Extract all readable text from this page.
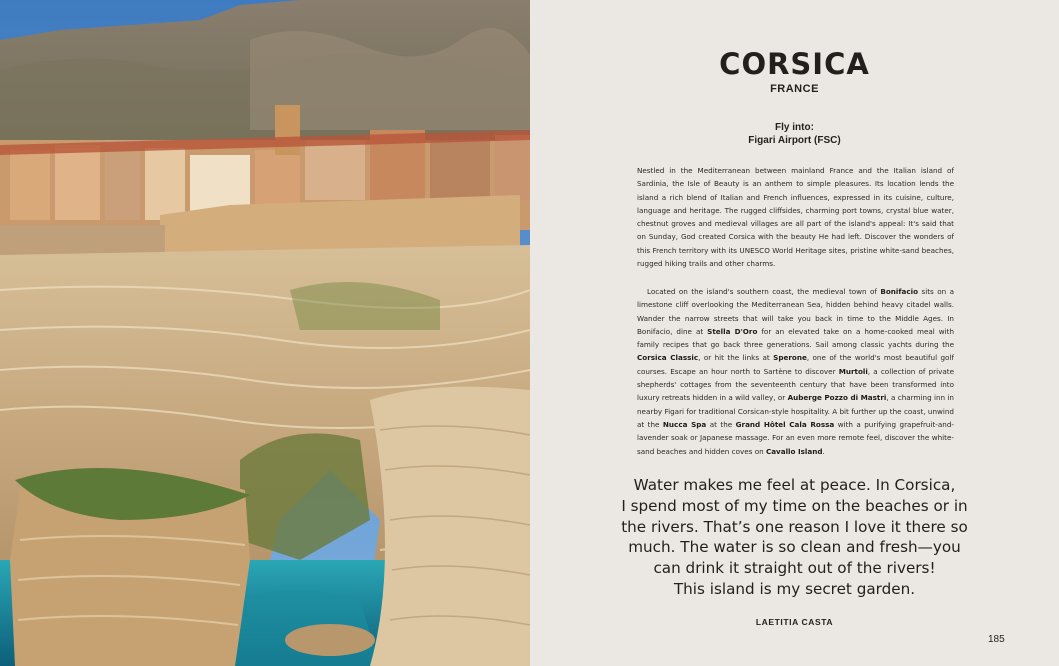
CORSICA
FRANCE
Fly into:
Figari Airport (FSC)
Nestled in the Mediterranean between mainland France and the Italian island of Sardinia, the Isle of Beauty is an anthem to simple pleasures. Its location lends the island a rich blend of Italian and French influences, expressed in its cuisine, culture, language and heritage. The rugged cliffsides, charming port towns, crystal blue water, chestnut groves and medieval villages are all part of the island's appeal: It's said that on Sunday, God created Corsica with the beauty He had left. Discover the wonders of this French territory with its UNESCO World Heritage sites, pristine white-sand beaches, rugged hiking trails and other charms.
Located on the island's southern coast, the medieval town of Bonifacio sits on a limestone cliff overlooking the Mediterranean Sea, hidden behind heavy citadel walls. Wander the narrow streets that will take you back in time to the Middle Ages. In Bonifacio, dine at Stella D'Oro for an elevated take on a home-cooked meal with family recipes that go back three generations. Sail among classic yachts during the Corsica Classic, or hit the links at Sperone, one of the world's most beautiful golf courses. Escape an hour north to Sartène to discover Murtoli, a collection of private shepherds' cottages from the seventeenth century that have been transformed into luxury retreats hidden in a wild valley, or Auberge Pozzo di Mastri, a charming inn in nearby Figari for traditional Corsican-style hospitality. A bit further up the coast, unwind at the Nucca Spa at the Grand Hôtel Cala Rossa with a purifying grapefruit-and-lavender soak or Japanese massage. For an even more remote feel, discover the white-sand beaches and hidden coves on Cavallo Island.
Water makes me feel at peace. In Corsica,
I spend most of my time on the beaches or in
the rivers. That’s one reason I love it there so
much. The water is so clean and fresh—you
can drink it straight out of the rivers!
This island is my secret garden.
LAETITIA CASTA
185
